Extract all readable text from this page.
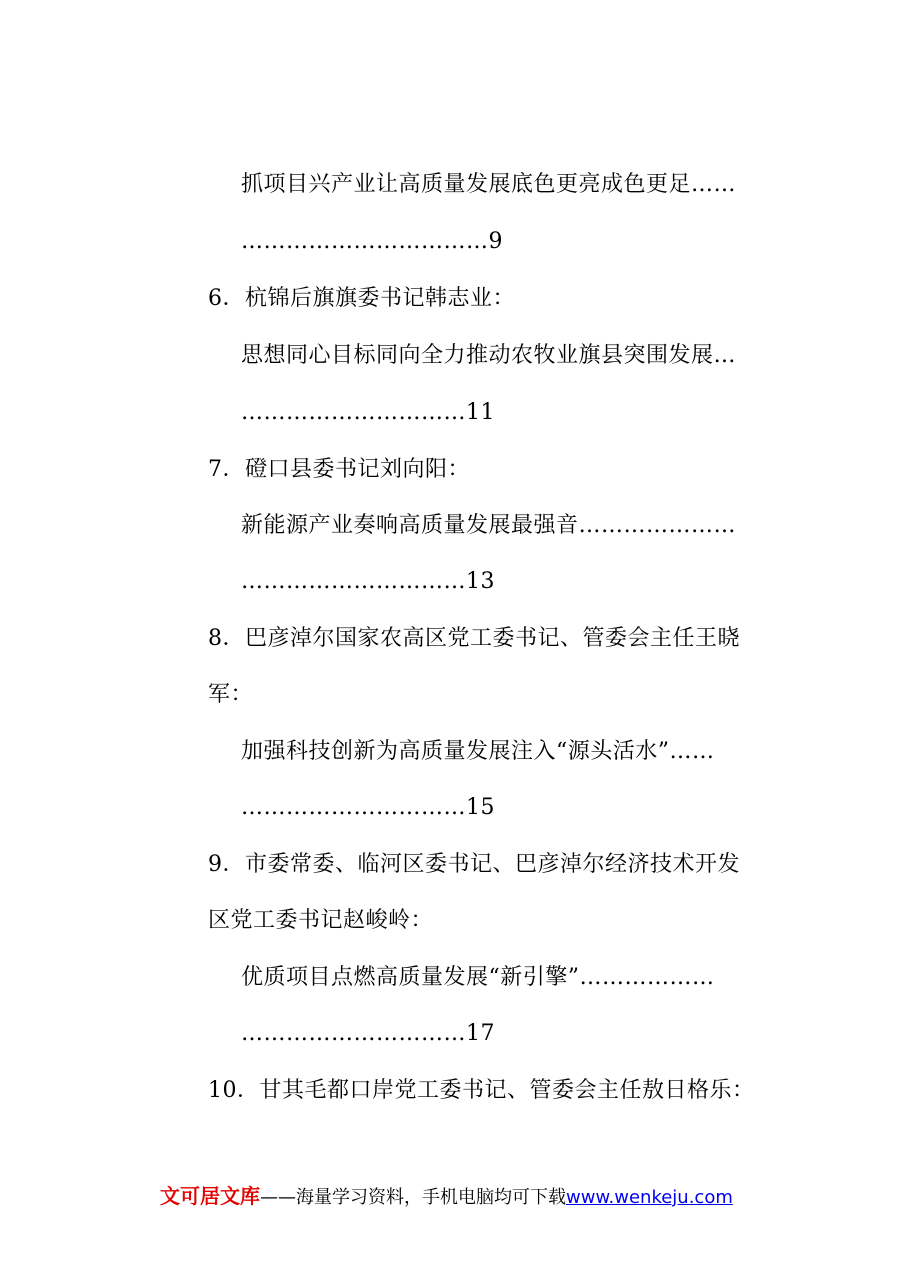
抓项目兴产业让高质量发展底色更亮成色更足……
……………………………9
6．杭锦后旗旗委书记韩志业：
思想同心目标同向全力推动农牧业旗县突围发展…
…………………………11
7．磴口县委书记刘向阳：
新能源产业奏响高质量发展最强音…………………
…………………………13
8．巴彦淖尔国家农高区党工委书记、管委会主任王晓
军：
加强科技创新为高质量发展注入“源头活水”……
…………………………15
9．市委常委、临河区委书记、巴彦淖尔经济技术开发
区党工委书记赵峻岭：
优质项目点燃高质量发展“新引擎”………………
…………………………17
10．甘其毛都口岸党工委书记、管委会主任敖日格乐：
文可居文库——海量学习资料，手机电脑均可下载www.wenkeju.com
